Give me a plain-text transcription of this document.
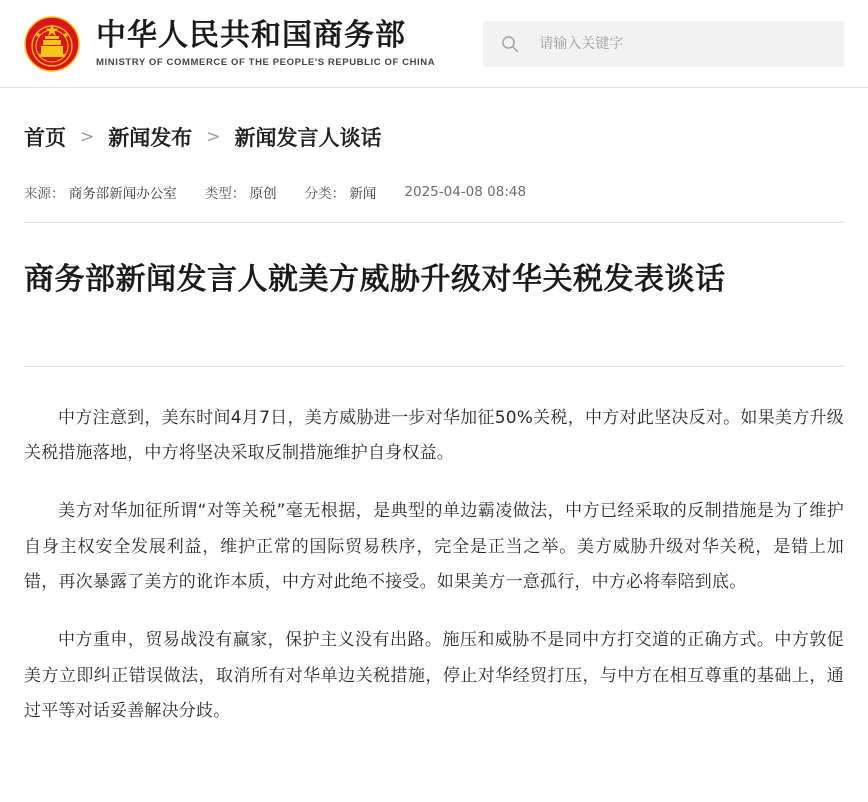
中华人民共和国商务部
MINISTRY OF COMMERCE OF THE PEOPLE'S REPUBLIC OF CHINA
请输入关键字
首页 > 新闻发布 > 新闻发言人谈话
来源： 商务部新闻办公室 类型： 原创 分类： 新闻 2025-04-08 08:48
商务部新闻发言人就美方威胁升级对华关税发表谈话

中方注意到，美东时间4月7日，美方威胁进一步对华加征50%关税，中方对此坚决反对。如果美方升级关税措施落地，中方将坚决采取反制措施维护自身权益。

美方对华加征所谓“对等关税”毫无根据，是典型的单边霸凌做法，中方已经采取的反制措施是为了维护自身主权安全发展利益，维护正常的国际贸易秩序，完全是正当之举。美方威胁升级对华关税，是错上加错，再次暴露了美方的讹诈本质，中方对此绝不接受。如果美方一意孤行，中方必将奉陪到底。

中方重申，贸易战没有赢家，保护主义没有出路。施压和威胁不是同中方打交道的正确方式。中方敦促美方立即纠正错误做法，取消所有对华单边关税措施，停止对华经贸打压，与中方在相互尊重的基础上，通过平等对话妥善解决分歧。
